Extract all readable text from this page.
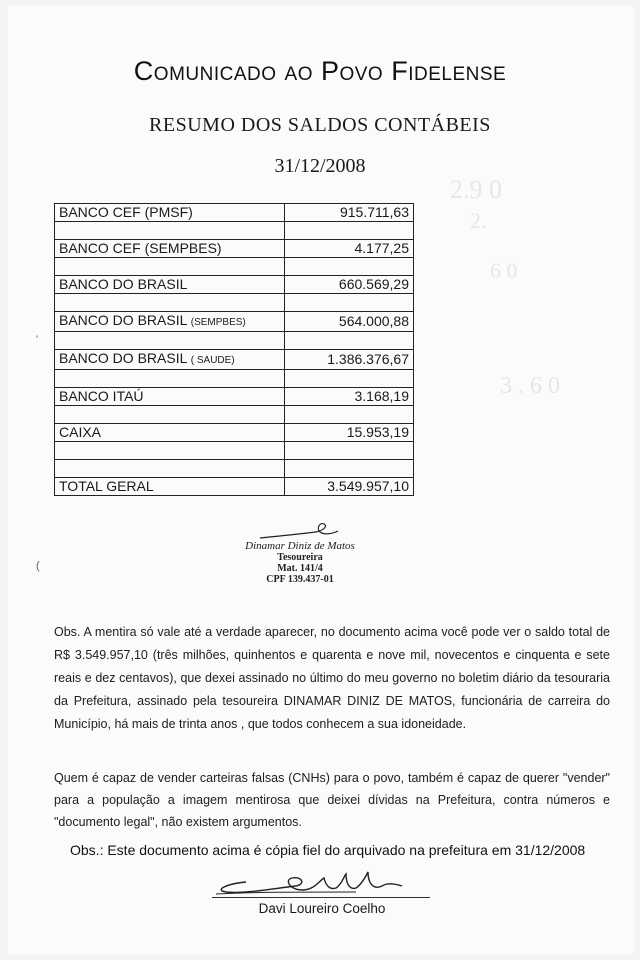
2.9 0
2.
6 0
3 . 6 0
Comunicado ao Povo Fidelense
RESUMO DOS SALDOS CONTÁBEIS
31/12/2008
BANCO CEF (PMSF)	915.711,63

BANCO CEF (SEMPBES)	4.177,25

BANCO DO BRASIL	660.569,29

BANCO DO BRASIL (SEMPBES)	564.000,88

BANCO DO BRASIL ( SAUDE)	1.386.376,67

BANCO ITAÚ	3.168,19

CAIXA	15.953,19

TOTAL GERAL	3.549.957,10
Dinamar Diniz de Matos
Tesoureira
Mat. 141/4
CPF 139.437-01
'
(

Obs. A mentira só vale até a verdade aparecer, no documento acima você pode ver o saldo total de R$ 3.549.957,10 (três milhões, quinhentos e quarenta e nove mil, novecentos e cinquenta e sete reais e dez centavos), que dexei assinado no último do meu governo no boletim diário da tesouraria da Prefeitura, assinado pela tesoureira DINAMAR DINIZ DE MATOS, funcionária de carreira do Município, há mais de trinta anos , que todos conhecem a sua idoneidade.

Quem é capaz de vender carteiras falsas (CNHs) para o povo, também é capaz de querer "vender" para a população a imagem mentirosa que deixei dívidas na Prefeitura, contra números e "documento legal", não existem argumentos.

Obs.: Este documento acima é cópia fiel do arquivado na prefeitura em 31/12/2008

Davi Loureiro Coelho
